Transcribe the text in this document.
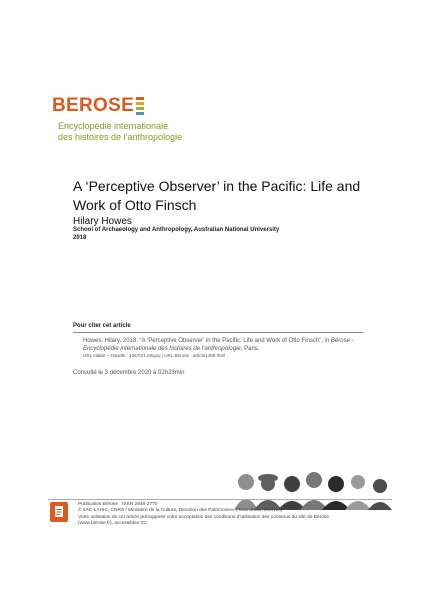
BEROSE
Encyclopédie internationale
des histoires de l’anthropologie
A ‘Perceptive Observer’ in the Pacific: Life and Work of Otto Finsch
Hilary Howes
School of Archaeology and Anthropology, Australian National University
2018
Pour citer cet article
Howes, Hilary, 2018. “A ‘Perceptive Observer’ in the Pacific: Life and Work of Otto Finsch”, in Bérose - Encyclopédie internationale des histoires de l’anthropologie, Paris.
URL stable – Handle : 10670/1.o0quxj | URL Bérose : article1468.html
Consulté le 3 décembre 2020 à 02h23min
Publication Bérose : ISSN 2648-2770
© IIAC-LAHIC, CNRS / Ministère de la Culture, Direction des Patrimoines. (Tous droits réservés)
Votre utilisation de cet article présuppose votre acceptation des conditions d’utilisation des contenus du site de Bérose
(www.berose.fr), accessibles ICI.
